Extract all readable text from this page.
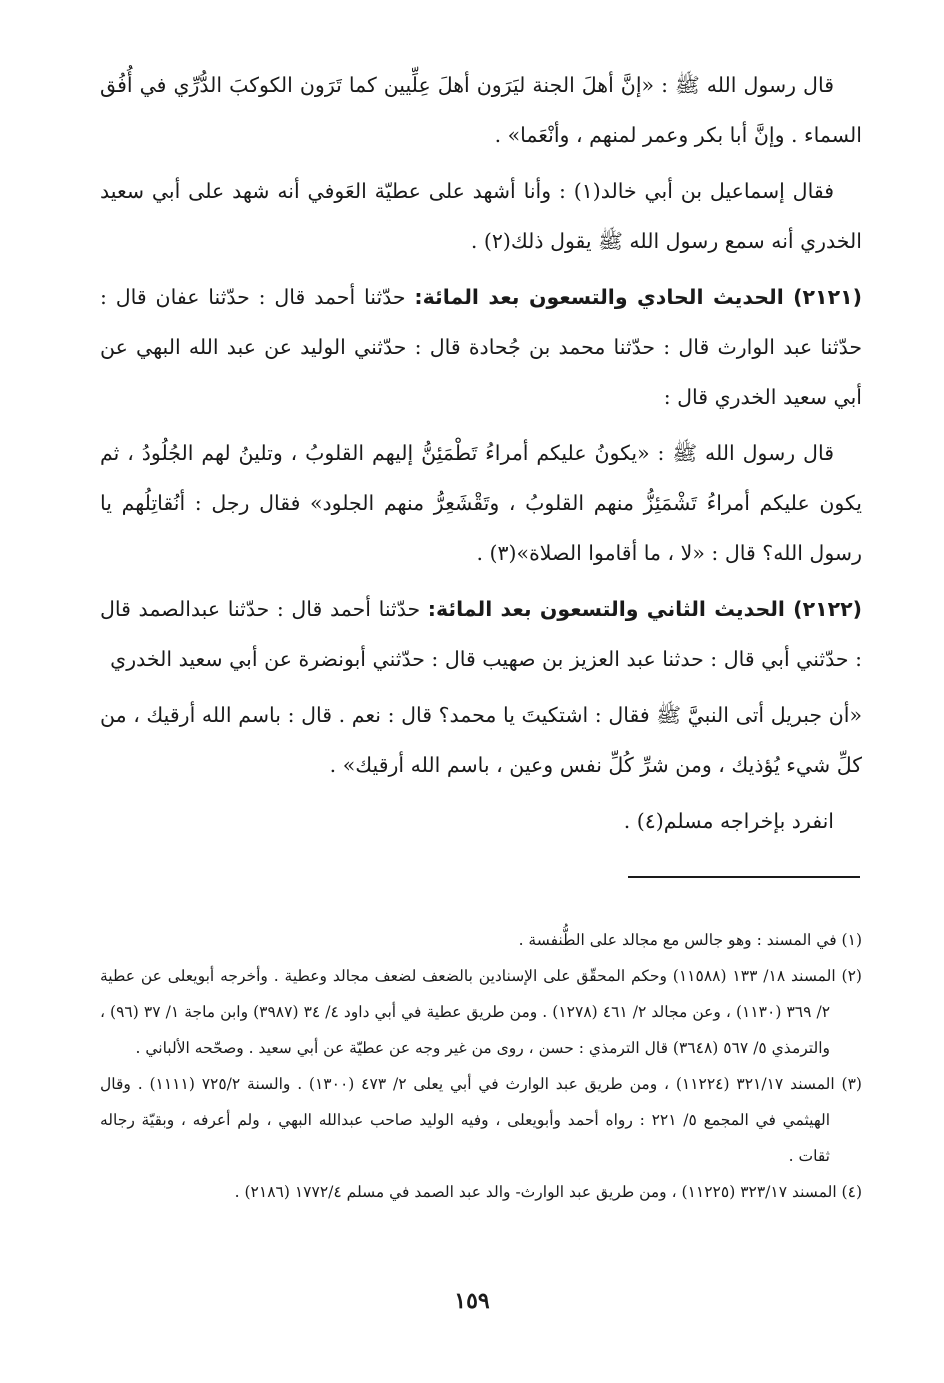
قال رسول الله ﷺ : «إنَّ أهلَ الجنة ليَرَون أهلَ عِلِّيين كما تَرَون الكوكبَ الدُّرِّي في أُفُق السماء . وإنَّ أبا بكر وعمر لمنهم ، وأنْعَما» .

فقال إسماعيل بن أبي خالد(١) : وأنا أشهد على عطيّة العَوفي أنه شهد على أبي سعيد الخدري أنه سمع رسول الله ﷺ يقول ذلك(٢) .

(٢١٢١) الحديث الحادي والتسعون بعد المائة: حدّثنا أحمد قال : حدّثنا عفان قال : حدّثنا عبد الوارث قال : حدّثنا محمد بن جُحادة قال : حدّثني الوليد عن عبد الله البهي عن أبي سعيد الخدري قال :

قال رسول الله ﷺ : «يكونُ عليكم أمراءُ تَطْمَئِنُّ إليهم القلوبُ ، وتلينُ لهم الجُلُودُ ، ثم يكون عليكم أمراءُ تَشْمَئِزُّ منهم القلوبُ ، وتَقْشَعِرُّ منهم الجلود» فقال رجل : أنُقاتِلُهم يا رسول الله؟ قال : «لا ، ما أقاموا الصلاة»(٣) .

(٢١٢٢) الحديث الثاني والتسعون بعد المائة: حدّثنا أحمد قال : حدّثنا عبدالصمد قال : حدّثني أبي قال : حدثنا عبد العزيز بن صهيب قال : حدّثني أبونضرة عن أبي سعيد الخدري

«أن جبريل أتى النبيَّ ﷺ فقال : اشتكيتَ يا محمد؟ قال : نعم . قال : باسم الله أرقيك ، من كلِّ شيء يُؤذيك ، ومن شرِّ كُلِّ نفس وعين ، باسم الله أرقيك» .

انفرد بإخراجه مسلم(٤) .

(١) في المسند : وهو جالس مع مجالد على الطُّنفسة .

(٢) المسند ١٨/ ١٣٣ (١١٥٨٨) وحكم المحقّق على الإسنادين بالضعف لضعف مجالد وعطية . وأخرجه أبويعلى عن عطية ٢/ ٣٦٩ (١١٣٠) ، وعن مجالد ٢/ ٤٦١ (١٢٧٨) . ومن طريق عطية في أبي داود ٤/ ٣٤ (٣٩٨٧) وابن ماجة ١/ ٣٧ (٩٦) ، والترمذي ٥/ ٥٦٧ (٣٦٤٨) قال الترمذي : حسن ، روى من غير وجه عن عطيّة عن أبي سعيد . وصحّحه الألباني .

(٣) المسند ٣٢١/١٧ (١١٢٢٤) ، ومن طريق عبد الوارث في أبي يعلى ٢/ ٤٧٣ (١٣٠٠) . والسنة ٧٢٥/٢ (١١١١) . وقال الهيثمي في المجمع ٥/ ٢٢١ : رواه أحمد وأبويعلى ، وفيه الوليد صاحب عبدالله البهي ، ولم أعرفه ، وبقيّة رجاله ثقات .

(٤) المسند ٣٢٣/١٧ (١١٢٢٥) ، ومن طريق عبد الوارث- والد عبد الصمد في مسلم ١٧٧٢/٤ (٢١٨٦) .

١٥٩
